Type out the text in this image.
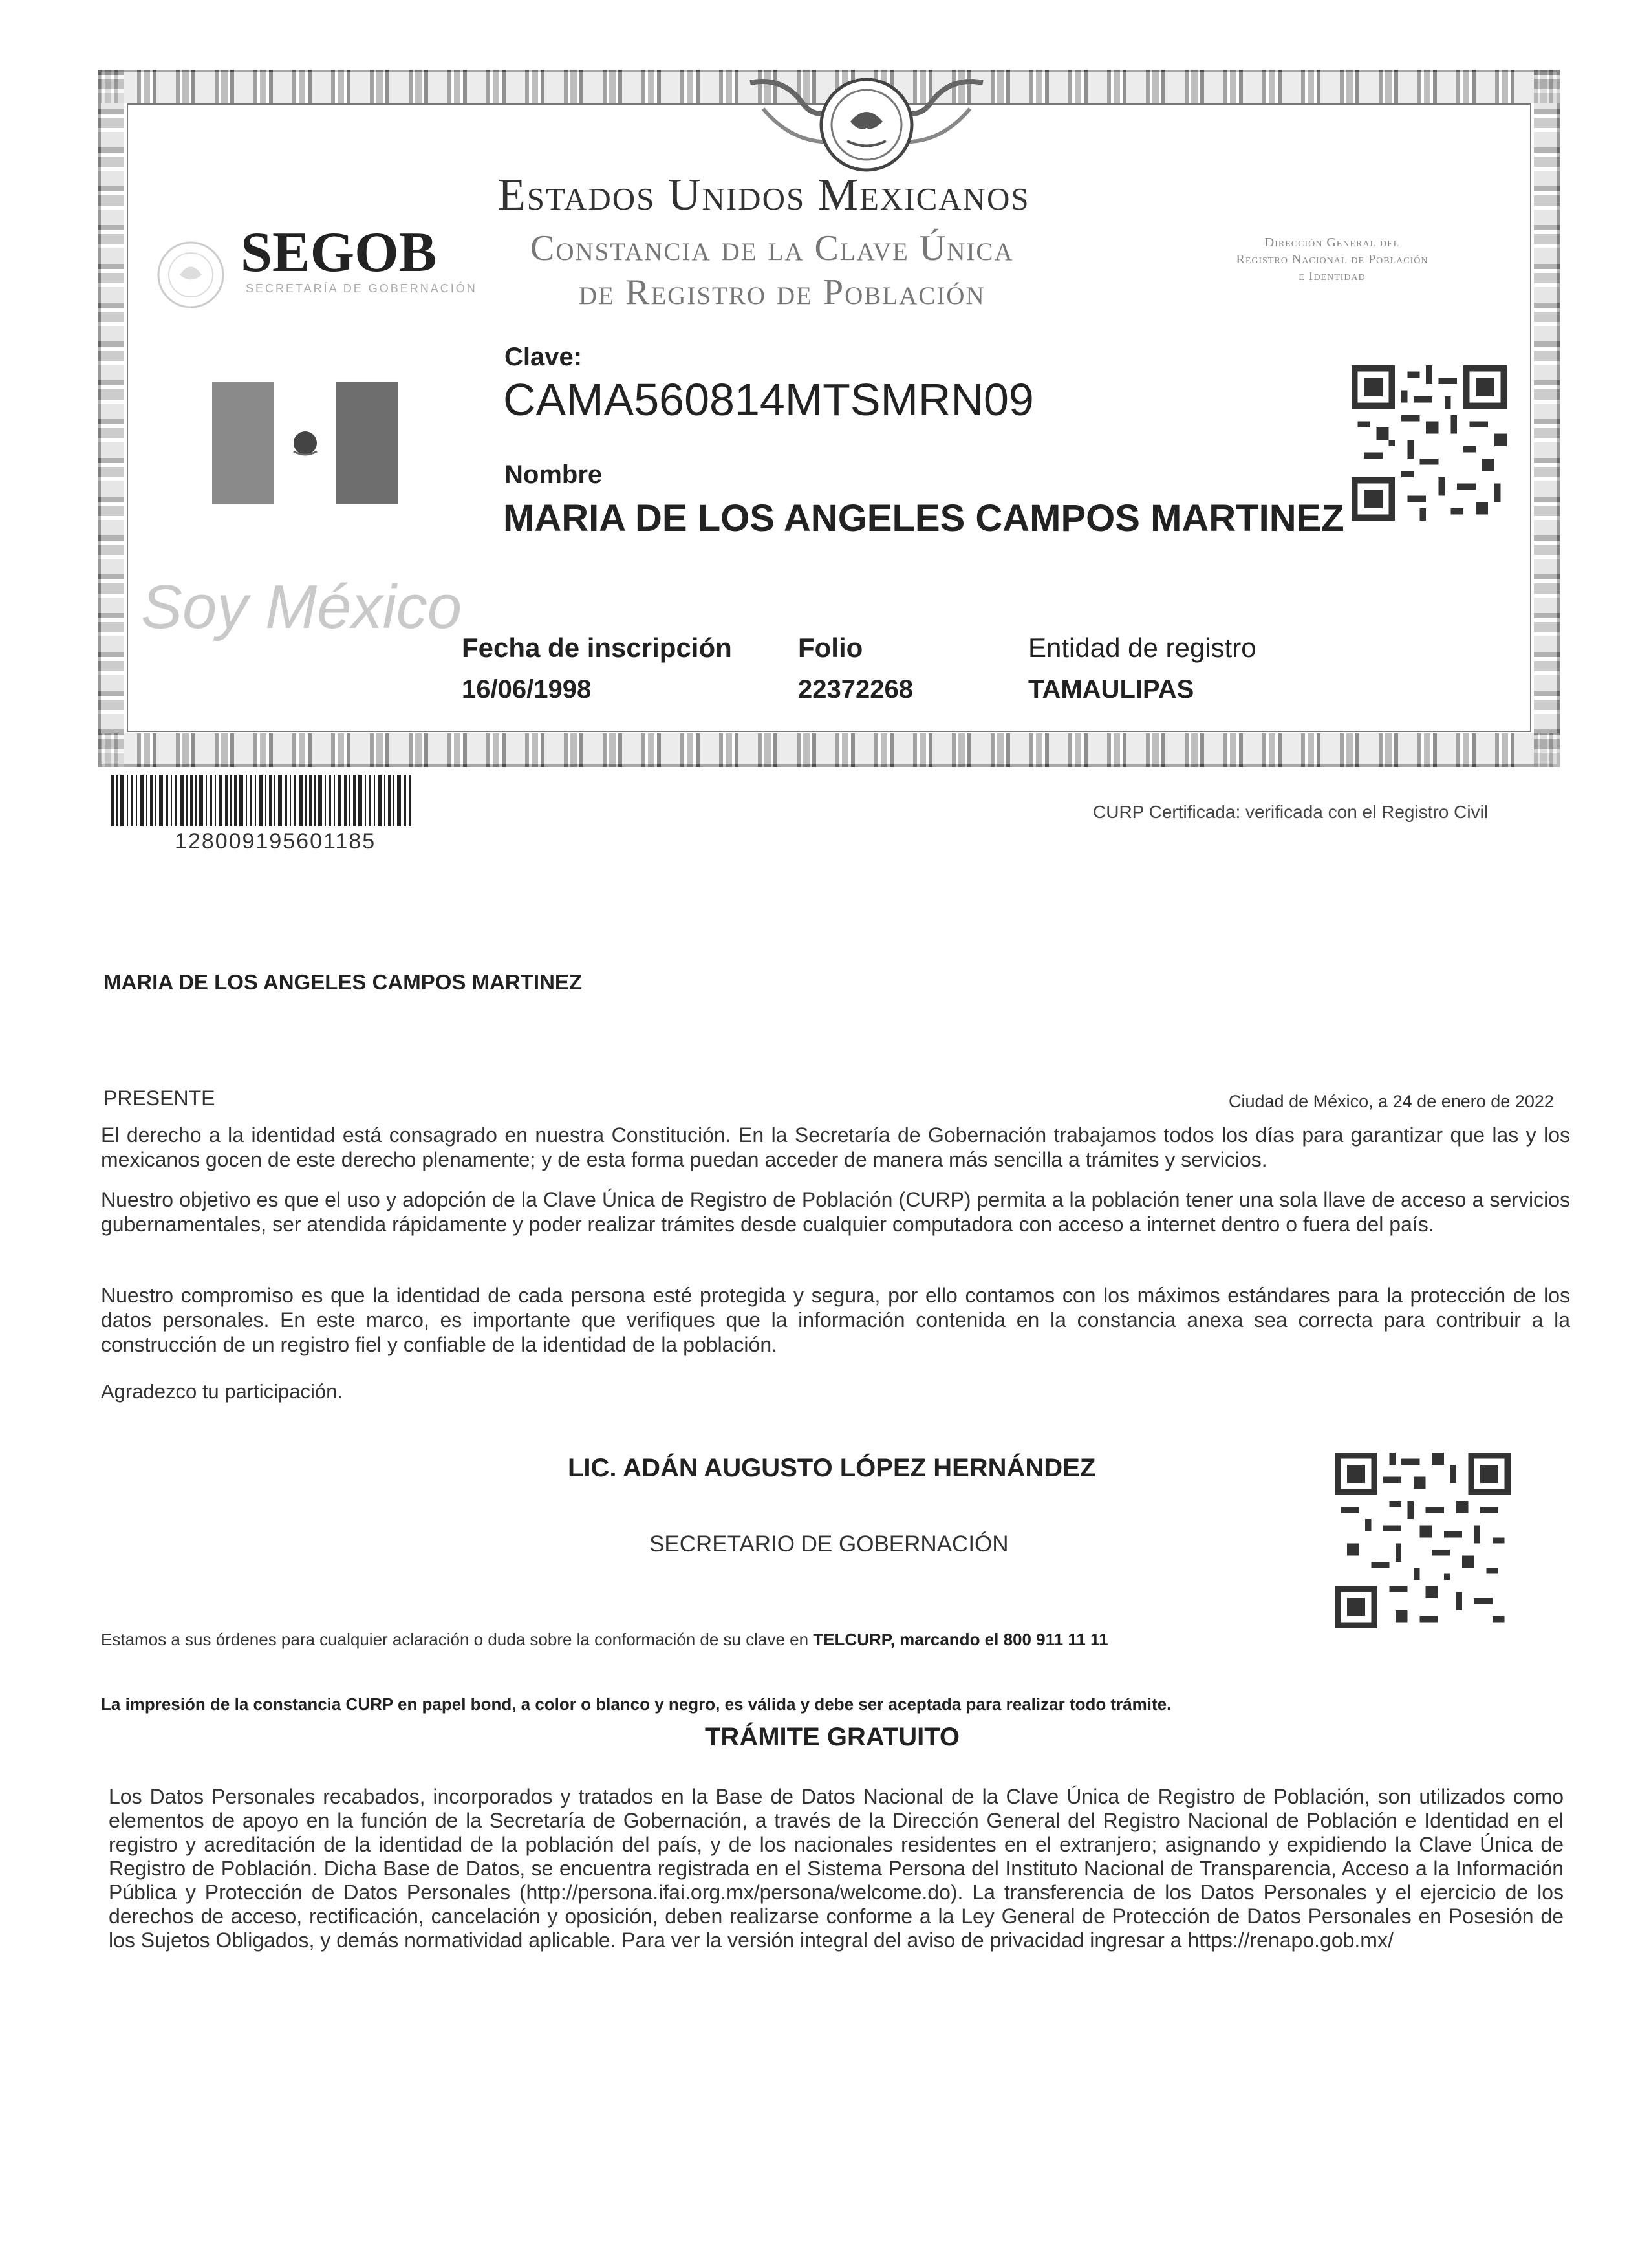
Estados Unidos Mexicanos
Constancia de la Clave Única
de Registro de Población
Dirección General del
Registro Nacional de Población
e Identidad
SEGOB
SECRETARÍA DE GOBERNACIÓN
Clave:
CAMA560814MTSMRN09
Nombre
MARIA DE LOS ANGELES CAMPOS MARTINEZ
Soy México
Fecha de inscripción
16/06/1998
Folio
22372268
Entidad de registro
TAMAULIPAS
128009195601185
CURP Certificada: verificada con el Registro Civil
MARIA DE LOS ANGELES CAMPOS MARTINEZ
PRESENTE	Ciudad de México, a 24 de enero de 2022
El derecho a la identidad está consagrado en nuestra Constitución. En la Secretaría de Gobernación trabajamos todos los días para garantizar que las y los mexicanos gocen de este derecho plenamente; y de esta forma puedan acceder de manera más sencilla a trámites y servicios.
Nuestro objetivo es que el uso y adopción de la Clave Única de Registro de Población (CURP) permita a la población tener una sola llave de acceso a servicios gubernamentales, ser atendida rápidamente y poder realizar trámites desde cualquier computadora con acceso a internet dentro o fuera del país.
Nuestro compromiso es que la identidad de cada persona esté protegida y segura, por ello contamos con los máximos estándares para la protección de los datos personales. En este marco, es importante que verifiques que la información contenida en la constancia anexa sea correcta para contribuir a la construcción de un registro fiel y confiable de la identidad de la población.
Agradezco tu participación.
LIC. ADÁN AUGUSTO LÓPEZ HERNÁNDEZ
SECRETARIO DE GOBERNACIÓN
Estamos a sus órdenes para cualquier aclaración o duda sobre la conformación de su clave en TELCURP, marcando el 800 911 11 11
La impresión de la constancia CURP en papel bond, a color o blanco y negro, es válida y debe ser aceptada para realizar todo trámite.
TRÁMITE GRATUITO
Los Datos Personales recabados, incorporados y tratados en la Base de Datos Nacional de la Clave Única de Registro de Población, son utilizados como elementos de apoyo en la función de la Secretaría de Gobernación, a través de la Dirección General del Registro Nacional de Población e Identidad en el registro y acreditación de la identidad de la población del país, y de los nacionales residentes en el extranjero; asignando y expidiendo la Clave Única de Registro de Población. Dicha Base de Datos, se encuentra registrada en el Sistema Persona del Instituto Nacional de Transparencia, Acceso a la Información Pública y Protección de Datos Personales (http://persona.ifai.org.mx/persona/welcome.do). La transferencia de los Datos Personales y el ejercicio de los derechos de acceso, rectificación, cancelación y oposición, deben realizarse conforme a la Ley General de Protección de Datos Personales en Posesión de los Sujetos Obligados, y demás normatividad aplicable. Para ver la versión integral del aviso de privacidad ingresar a https://renapo.gob.mx/
